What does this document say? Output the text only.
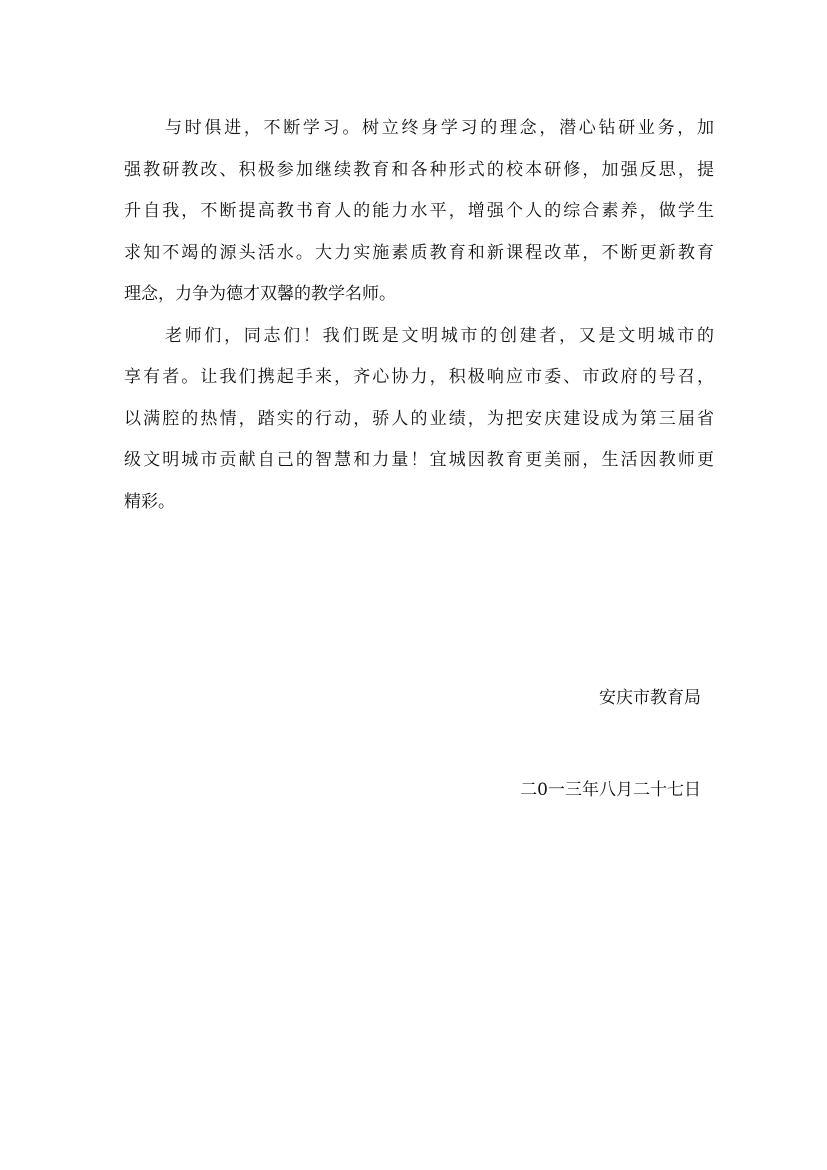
与时俱进，不断学习。树立终身学习的理念，潜心钻研业务，加
强教研教改、积极参加继续教育和各种形式的校本研修，加强反思，提
升自我，不断提高教书育人的能力水平，增强个人的综合素养，做学生
求知不竭的源头活水。大力实施素质教育和新课程改革，不断更新教育
理念，力争为德才双馨的教学名师。
老师们，同志们！我们既是文明城市的创建者，又是文明城市的
享有者。让我们携起手来，齐心协力，积极响应市委、市政府的号召，
以满腔的热情，踏实的行动，骄人的业绩，为把安庆建设成为第三届省
级文明城市贡献自己的智慧和力量！宜城因教育更美丽，生活因教师更
精彩。
安庆市教育局
二0一三年八月二十七日
